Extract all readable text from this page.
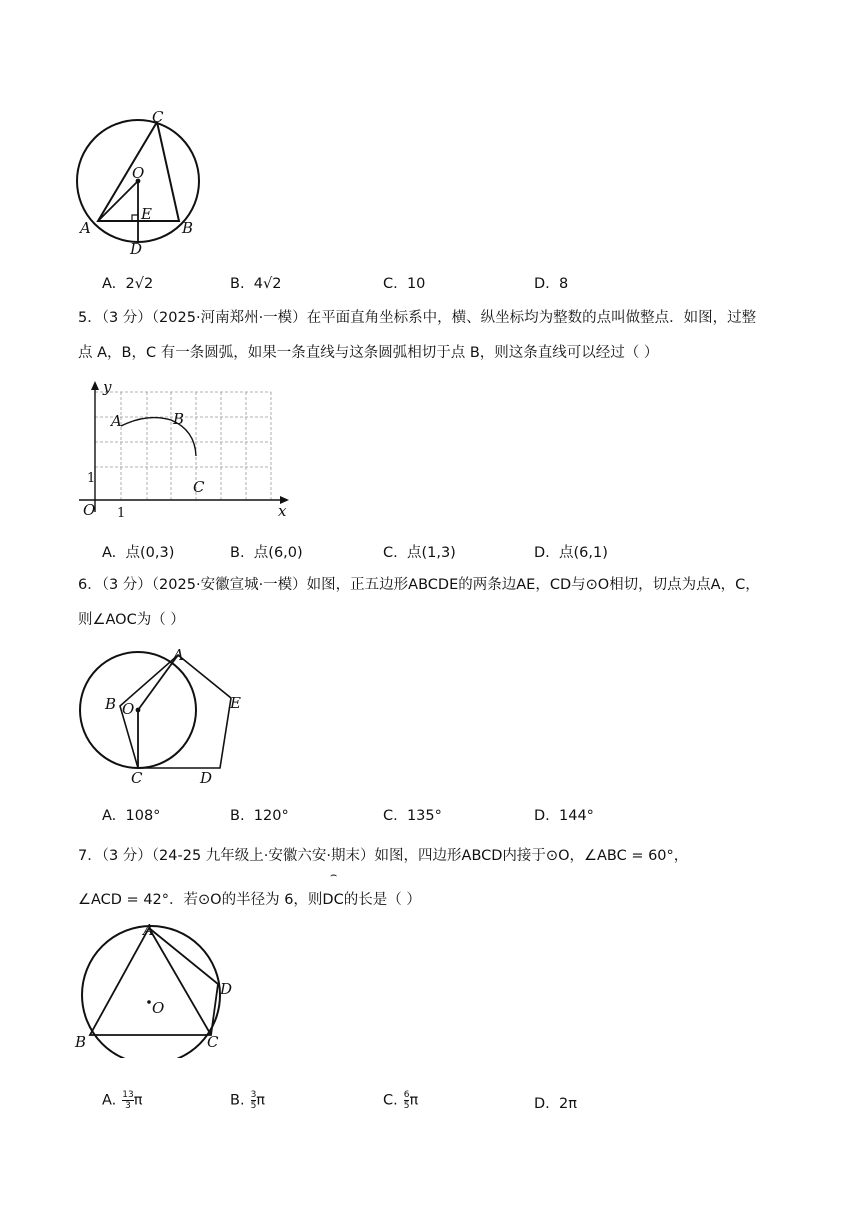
C
O
E
A	B
D
A. 2√2	B. 4√2	C. 10	D. 8
5．（3 分）（2025·河南郑州·一模）在平面直角坐标系中，横、纵坐标均为整数的点叫做整点．如图，过整
点 A，B，C 有一条圆弧，如果一条直线与这条圆弧相切于点 B，则这条直线可以经过（ ）
y
x
O 1
1
A	B
C
A. 点(0,3)	B. 点(6,0)	C. 点(1,3)	D. 点(6,1)
6．（3 分）（2025·安徽宣城·一模）如图，正五边形ABCDE的两条边AE，CD与⊙O相切，切点为点A，C，
则∠AOC为（ ）
A
B O	E
C	D
A. 108°	B. 120°	C. 135°	D. 144°
7．（3 分）（24-25 九年级上·安徽六安·期末）如图，四边形ABCD内接于⊙O，∠ABC = 60°，
∠ACD = 42°．若⊙O的半径为 6，则DC的长是（ ）
⌢
A
O
D
B	C
A. $\frac{13}{3}$ π	B. $\frac{3}{5}$ π	C. $\frac{6}{5}$ π	D. 2π
